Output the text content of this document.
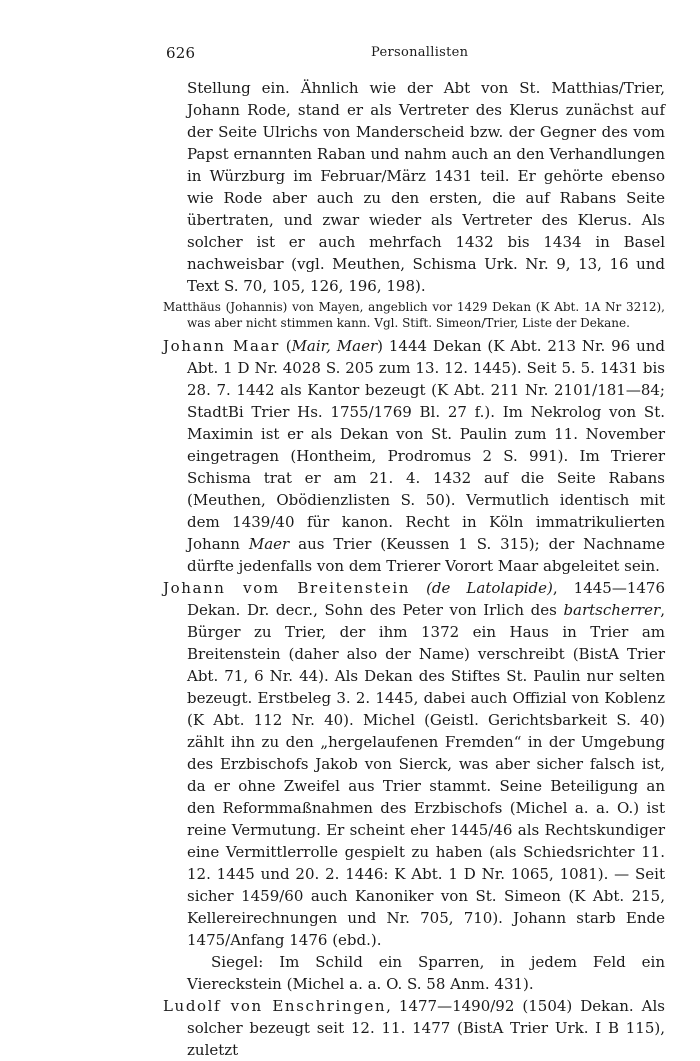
626	Personallisten

Stellung ein. Ähnlich wie der Abt von St. Matthias/Trier, Johann Rode, stand er als Vertreter des Klerus zunächst auf der Seite Ulrichs von Manderscheid bzw. der Gegner des vom Papst ernannten Raban und nahm auch an den Verhandlungen in Würzburg im Februar/März 1431 teil. Er gehörte ebenso wie Rode aber auch zu den ersten, die auf Rabans Seite übertraten, und zwar wieder als Vertreter des Klerus. Als solcher ist er auch mehrfach 1432 bis 1434 in Basel nachweisbar (vgl. Meuthen, Schisma Urk. Nr. 9, 13, 16 und Text S. 70, 105, 126, 196, 198).

Matthäus (Johannis) von Mayen, angeblich vor 1429 Dekan (K Abt. 1A Nr 3212), was aber nicht stimmen kann. Vgl. Stift. Simeon/Trier, Liste der Dekane.

Johann Maar (Mair, Maer) 1444 Dekan (K Abt. 213 Nr. 96 und Abt. 1 D Nr. 4028 S. 205 zum 13. 12. 1445). Seit 5. 5. 1431 bis 28. 7. 1442 als Kantor bezeugt (K Abt. 211 Nr. 2101/181—84; StadtBi Trier Hs. 1755/1769 Bl. 27 f.). Im Nekrolog von St. Maximin ist er als Dekan von St. Paulin zum 11. November eingetragen (Hontheim, Prodromus 2 S. 991). Im Trierer Schisma trat er am 21. 4. 1432 auf die Seite Rabans (Meuthen, Obödienzlisten S. 50). Vermutlich identisch mit dem 1439/40 für kanon. Recht in Köln immatrikulierten Johann Maer aus Trier (Keussen 1 S. 315); der Nachname dürfte jedenfalls von dem Trierer Vorort Maar abgeleitet sein.

Johann vom Breitenstein (de Latolapide), 1445—1476 Dekan. Dr. decr., Sohn des Peter von Irlich des bartscherrer, Bürger zu Trier, der ihm 1372 ein Haus in Trier am Breitenstein (daher also der Name) verschreibt (BistA Trier Abt. 71, 6 Nr. 44). Als Dekan des Stiftes St. Paulin nur selten bezeugt. Erstbeleg 3. 2. 1445, dabei auch Offizial von Koblenz (K Abt. 112 Nr. 40). Michel (Geistl. Gerichtsbarkeit S. 40) zählt ihn zu den „hergelaufenen Fremden“ in der Umgebung des Erzbischofs Jakob von Sierck, was aber sicher falsch ist, da er ohne Zweifel aus Trier stammt. Seine Beteiligung an den Reformmaßnahmen des Erzbischofs (Michel a. a. O.) ist reine Vermutung. Er scheint eher 1445/46 als Rechtskundiger eine Vermittlerrolle gespielt zu haben (als Schiedsrichter 11. 12. 1445 und 20. 2. 1446: K Abt. 1 D Nr. 1065, 1081). — Seit sicher 1459/60 auch Kanoniker von St. Simeon (K Abt. 215, Kellereirechnungen und Nr. 705, 710). Johann starb Ende 1475/Anfang 1476 (ebd.).

Siegel: Im Schild ein Sparren, in jedem Feld ein Viereckstein (Michel a. a. O. S. 58 Anm. 431).

Ludolf von Enschringen, 1477—1490/92 (1504) Dekan. Als solcher bezeugt seit 12. 11. 1477 (BistA Trier Urk. I B 115), zuletzt
